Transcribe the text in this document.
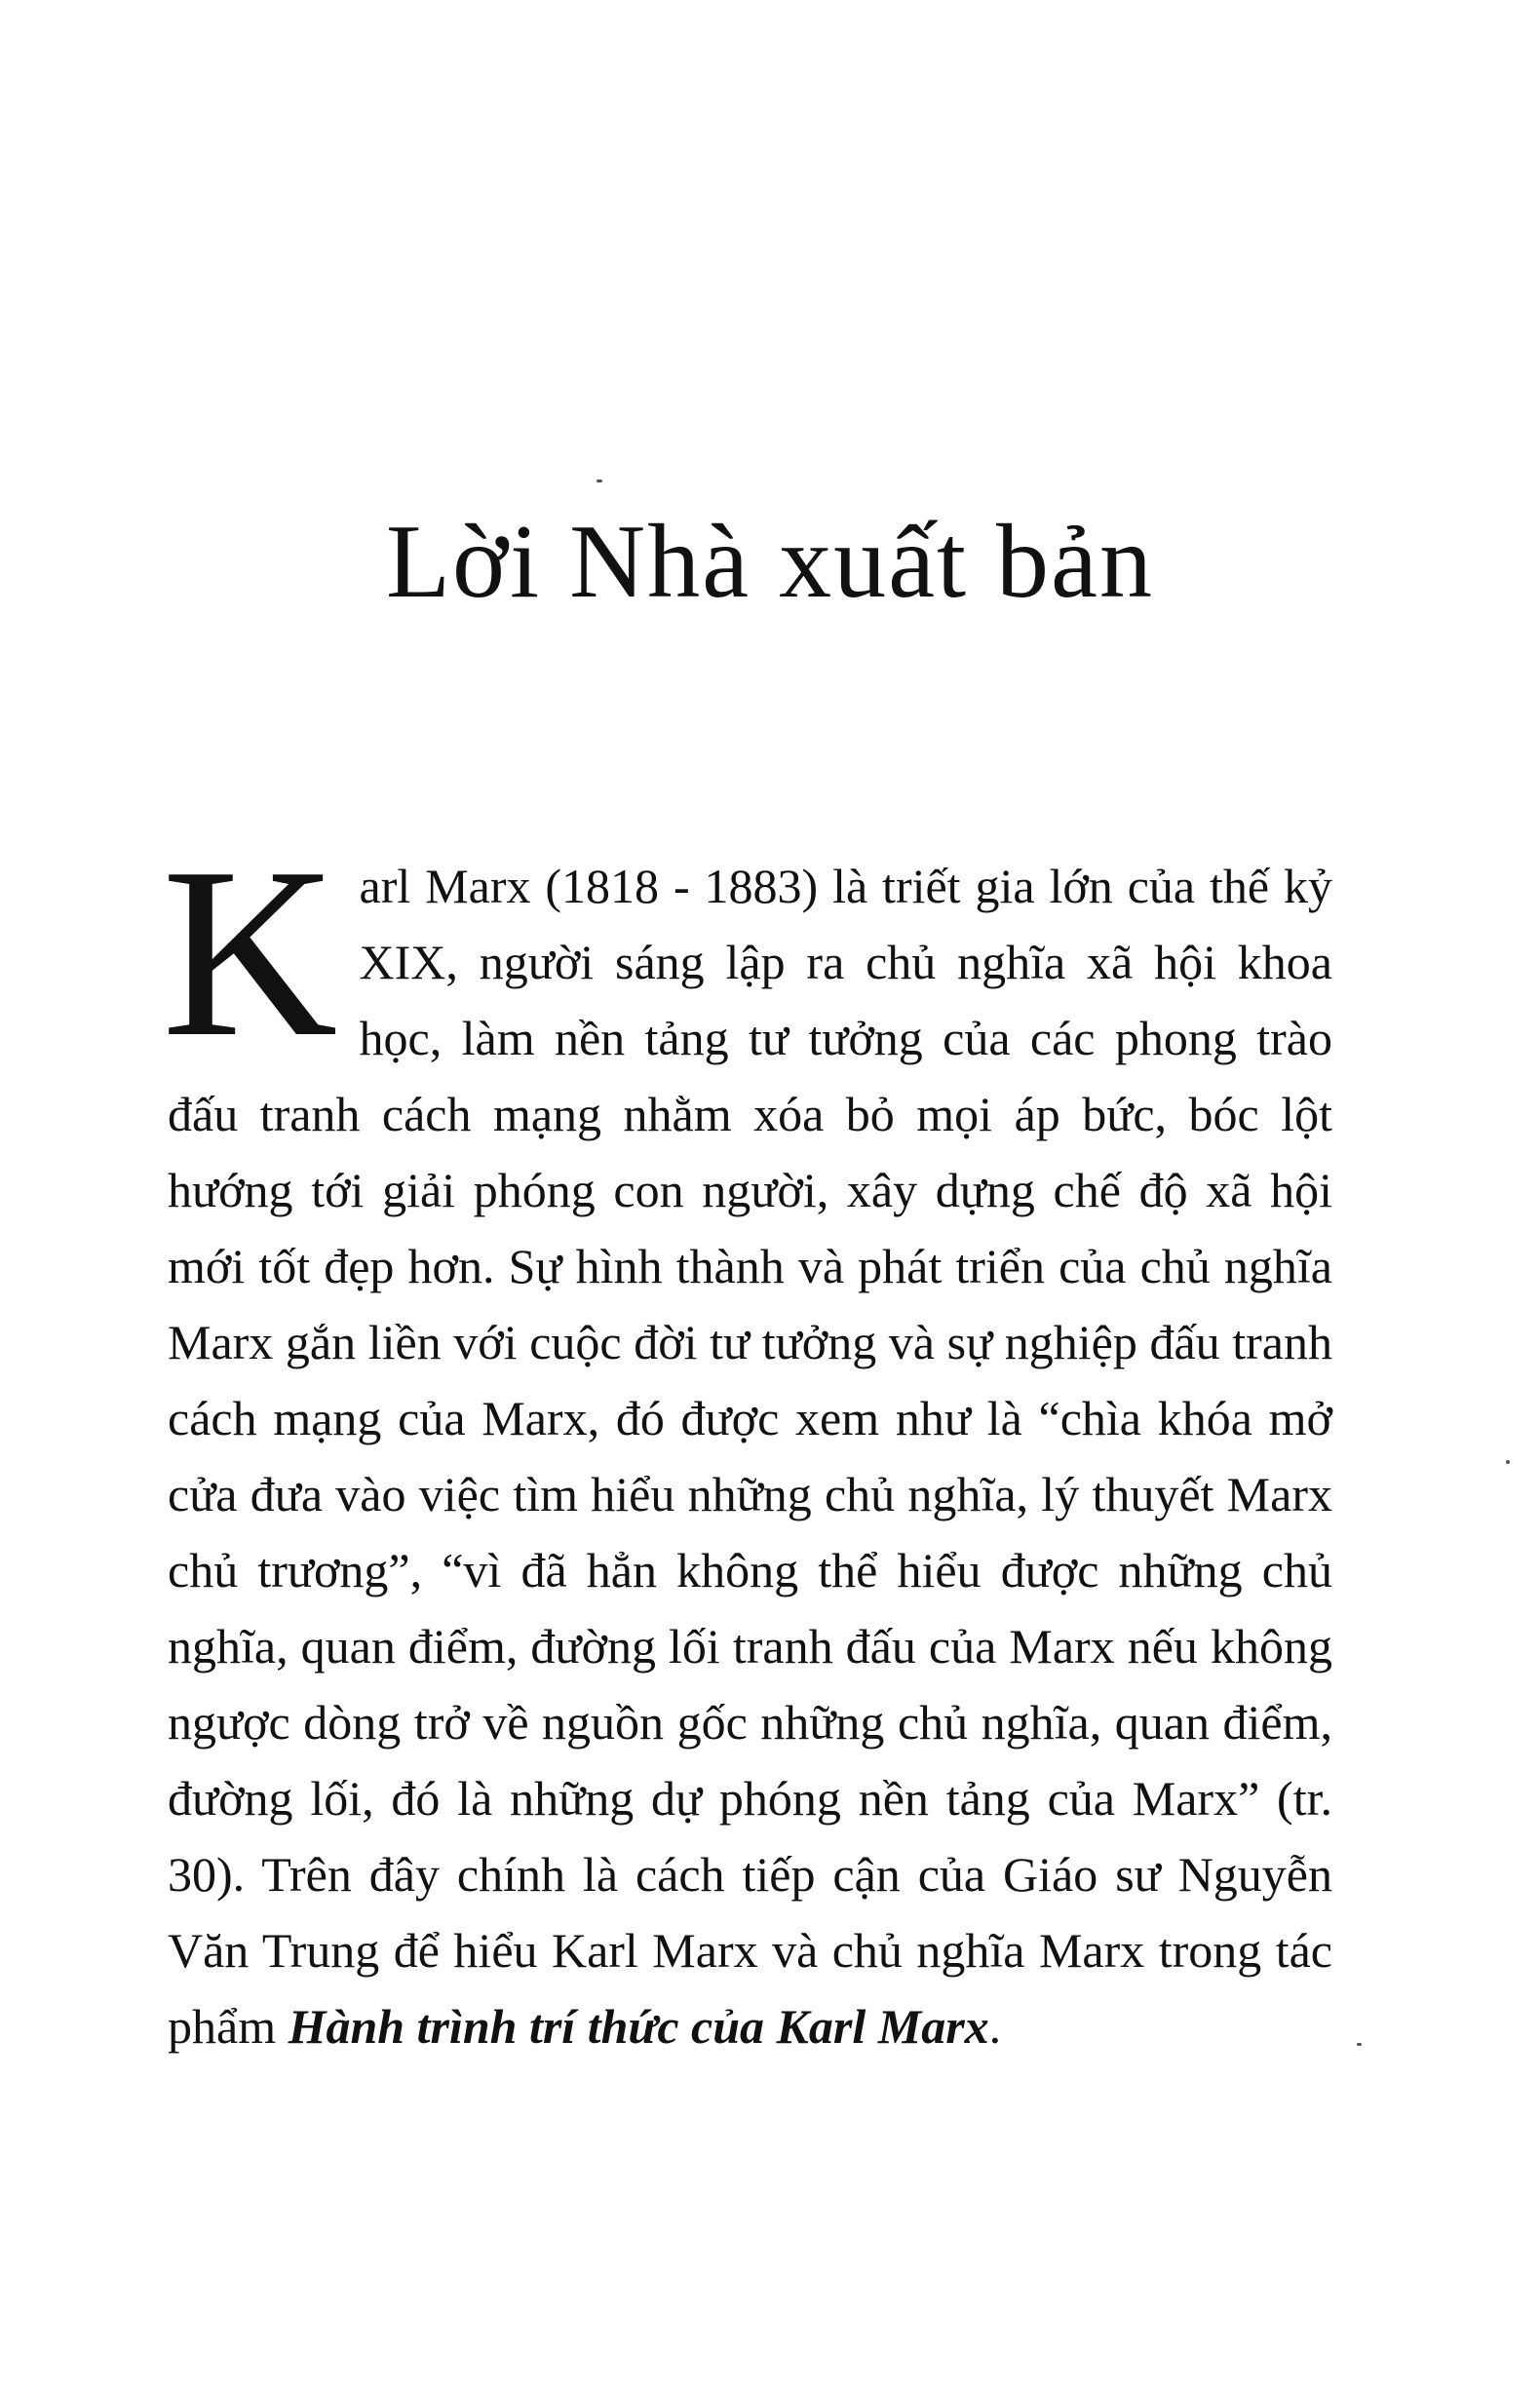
Lời Nhà xuất bản

Karl Marx (1818 - 1883) là triết gia lớn của thế kỷ XIX, người sáng lập ra chủ nghĩa xã hội khoa học, làm nền tảng tư tưởng của các phong trào đấu tranh cách mạng nhằm xóa bỏ mọi áp bức, bóc lột hướng tới giải phóng con người, xây dựng chế độ xã hội mới tốt đẹp hơn. Sự hình thành và phát triển của chủ nghĩa Marx gắn liền với cuộc đời tư tưởng và sự nghiệp đấu tranh cách mạng của Marx, đó được xem như là “chìa khóa mở cửa đưa vào việc tìm hiểu những chủ nghĩa, lý thuyết Marx chủ trương”, “vì đã hẳn không thể hiểu được những chủ nghĩa, quan điểm, đường lối tranh đấu của Marx nếu không ngược dòng trở về nguồn gốc những chủ nghĩa, quan điểm, đường lối, đó là những dự phóng nền tảng của Marx” (tr. 30). Trên đây chính là cách tiếp cận của Giáo sư Nguyễn Văn Trung để hiểu Karl Marx và chủ nghĩa Marx trong tác phẩm Hành trình trí thức của Karl Marx.
